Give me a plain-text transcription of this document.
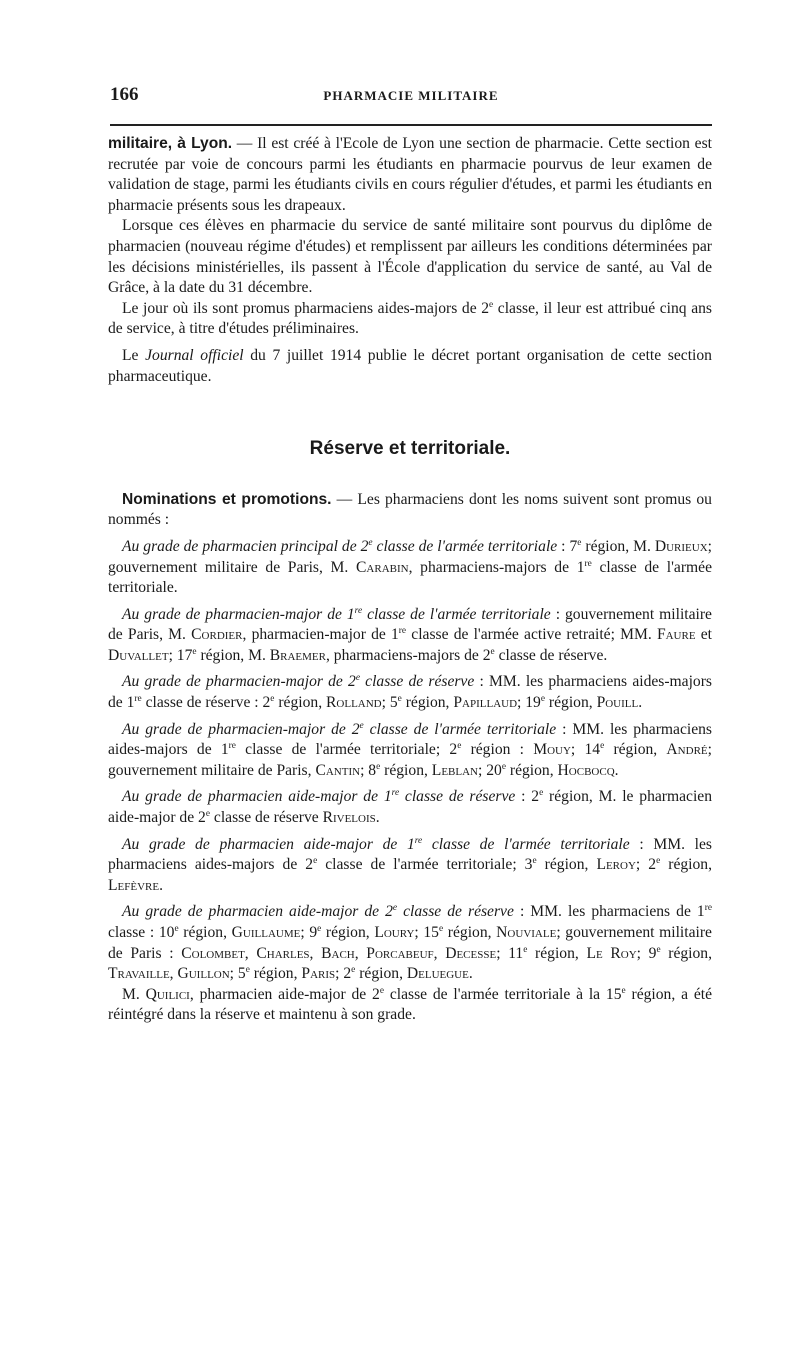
166	PHARMACIE MILITAIRE

militaire, à Lyon. — Il est créé à l'Ecole de Lyon une section de pharmacie. Cette section est recrutée par voie de concours parmi les étudiants en pharmacie pourvus de leur examen de validation de stage, parmi les étudiants civils en cours régulier d'études, et parmi les étudiants en pharmacie présents sous les drapeaux.

Lorsque ces élèves en pharmacie du service de santé militaire sont pourvus du diplôme de pharmacien (nouveau régime d'études) et remplissent par ailleurs les conditions déterminées par les décisions ministérielles, ils passent à l'École d'application du service de santé, au Val de Grâce, à la date du 31 décembre.

Le jour où ils sont promus pharmaciens aides-majors de 2e classe, il leur est attribué cinq ans de service, à titre d'études préliminaires.

Le Journal officiel du 7 juillet 1914 publie le décret portant organisation de cette section pharmaceutique.

Réserve et territoriale.

Nominations et promotions. — Les pharmaciens dont les noms suivent sont promus ou nommés :

Au grade de pharmacien principal de 2e classe de l'armée territoriale : 7e région, M. Durieux; gouvernement militaire de Paris, M. Carabin, pharmaciens-majors de 1re classe de l'armée territoriale.

Au grade de pharmacien-major de 1re classe de l'armée territoriale : gouvernement militaire de Paris, M. Cordier, pharmacien-major de 1re classe de l'armée active retraité; MM. Faure et Duvallet; 17e région, M. Braemer, pharmaciens-majors de 2e classe de réserve.

Au grade de pharmacien-major de 2e classe de réserve : MM. les pharmaciens aides-majors de 1re classe de réserve : 2e région, Rolland; 5e région, Papillaud; 19e région, Pouill.

Au grade de pharmacien-major de 2e classe de l'armée territoriale : MM. les pharmaciens aides-majors de 1re classe de l'armée territoriale; 2e région : Mouy; 14e région, André; gouvernement militaire de Paris, Cantin; 8e région, Leblan; 20e région, Hocbocq.

Au grade de pharmacien aide-major de 1re classe de réserve : 2e région, M. le pharmacien aide-major de 2e classe de réserve Rivelois.

Au grade de pharmacien aide-major de 1re classe de l'armée territoriale : MM. les pharmaciens aides-majors de 2e classe de l'armée territoriale; 3e région, Leroy; 2e région, Lefèvre.

Au grade de pharmacien aide-major de 2e classe de réserve : MM. les pharmaciens de 1re classe : 10e région, Guillaume; 9e région, Loury; 15e région, Nouviale; gouvernement militaire de Paris : Colombet, Charles, Bach, Porcabeuf, Decesse; 11e région, Le Roy; 9e région, Travaille, Guillon; 5e région, Paris; 2e région, Deluegue.

M. Quilici, pharmacien aide-major de 2e classe de l'armée territoriale à la 15e région, a été réintégré dans la réserve et maintenu à son grade.
